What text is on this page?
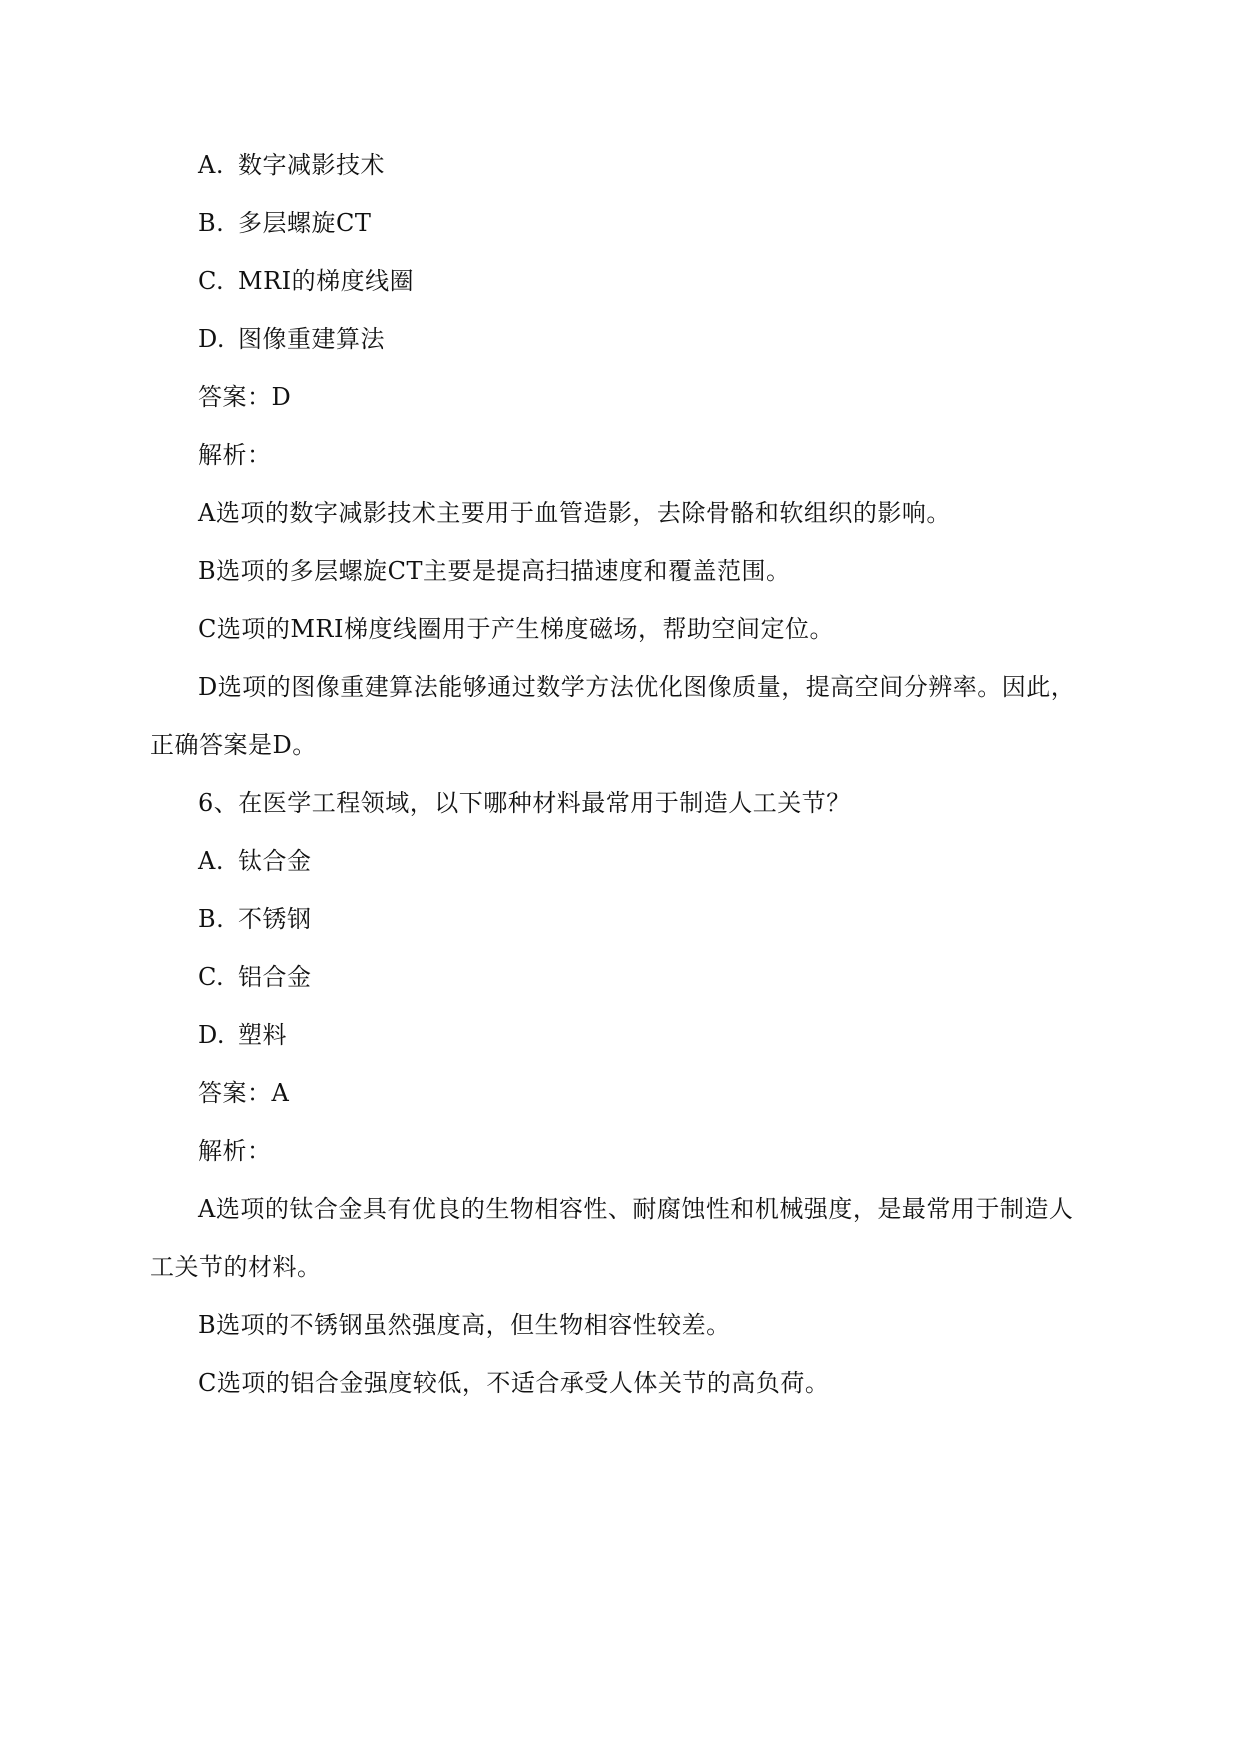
A. 数字减影技术
B. 多层螺旋CT
C. MRI的梯度线圈
D. 图像重建算法
答案：D
解析：
A选项的数字减影技术主要用于血管造影，去除骨骼和软组织的影响。
B选项的多层螺旋CT主要是提高扫描速度和覆盖范围。
C选项的MRI梯度线圈用于产生梯度磁场，帮助空间定位。
D选项的图像重建算法能够通过数学方法优化图像质量，提高空间分辨率。因此，
正确答案是D。
6、在医学工程领域，以下哪种材料最常用于制造人工关节？
A. 钛合金
B. 不锈钢
C. 铝合金
D. 塑料
答案：A
解析：
A选项的钛合金具有优良的生物相容性、耐腐蚀性和机械强度，是最常用于制造人
工关节的材料。
B选项的不锈钢虽然强度高，但生物相容性较差。
C选项的铝合金强度较低，不适合承受人体关节的高负荷。
